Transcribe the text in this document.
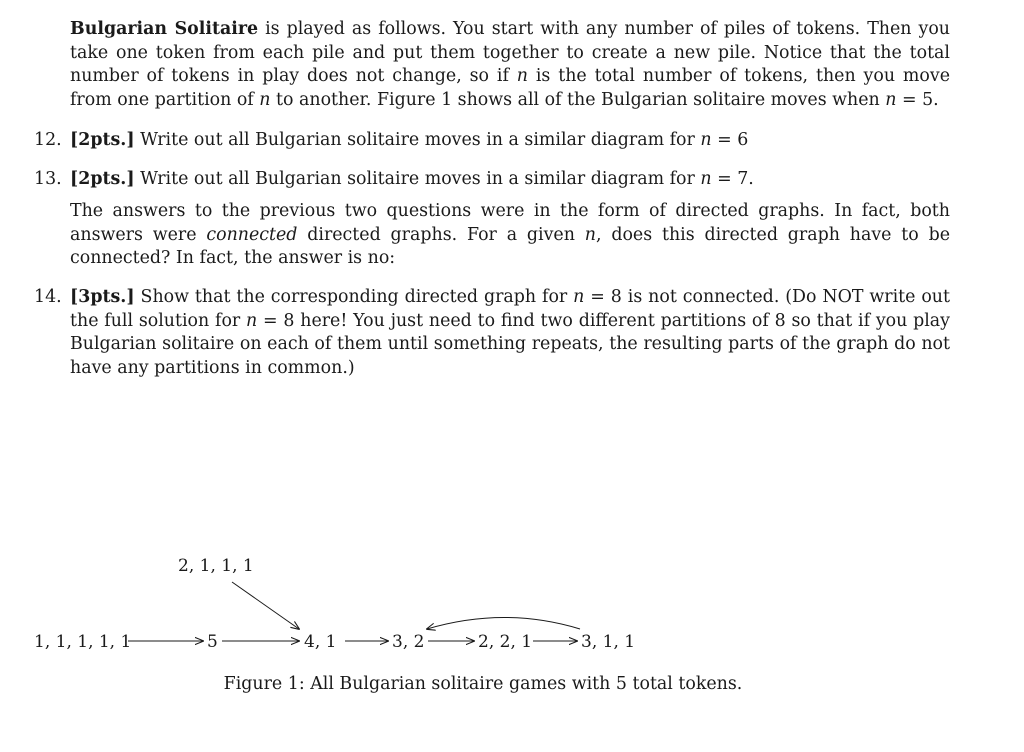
Bulgarian Solitaire is played as follows. You start with any number of piles of tokens. Then you take one token from each pile and put them together to create a new pile. Notice that the total number of tokens in play does not change, so if n is the total number of tokens, then you move from one partition of n to another. Figure 1 shows all of the Bulgarian solitaire moves when n = 5.
12. [2pts.] Write out all Bulgarian solitaire moves in a similar diagram for n = 6
13. [2pts.] Write out all Bulgarian solitaire moves in a similar diagram for n = 7.
The answers to the previous two questions were in the form of directed graphs. In fact, both answers were connected directed graphs. For a given n, does this directed graph have to be connected? In fact, the answer is no:
14. [3pts.] Show that the corresponding directed graph for n = 8 is not connected. (Do NOT write out the full solution for n = 8 here! You just need to find two different partitions of 8 so that if you play Bulgarian solitaire on each of them until something repeats, the resulting parts of the graph do not have any partitions in common.)
1, 1, 1, 1, 1	5	4, 1	3, 2	2, 2, 1	3, 1, 1
2, 1, 1, 1
Figure 1: All Bulgarian solitaire games with 5 total tokens.
